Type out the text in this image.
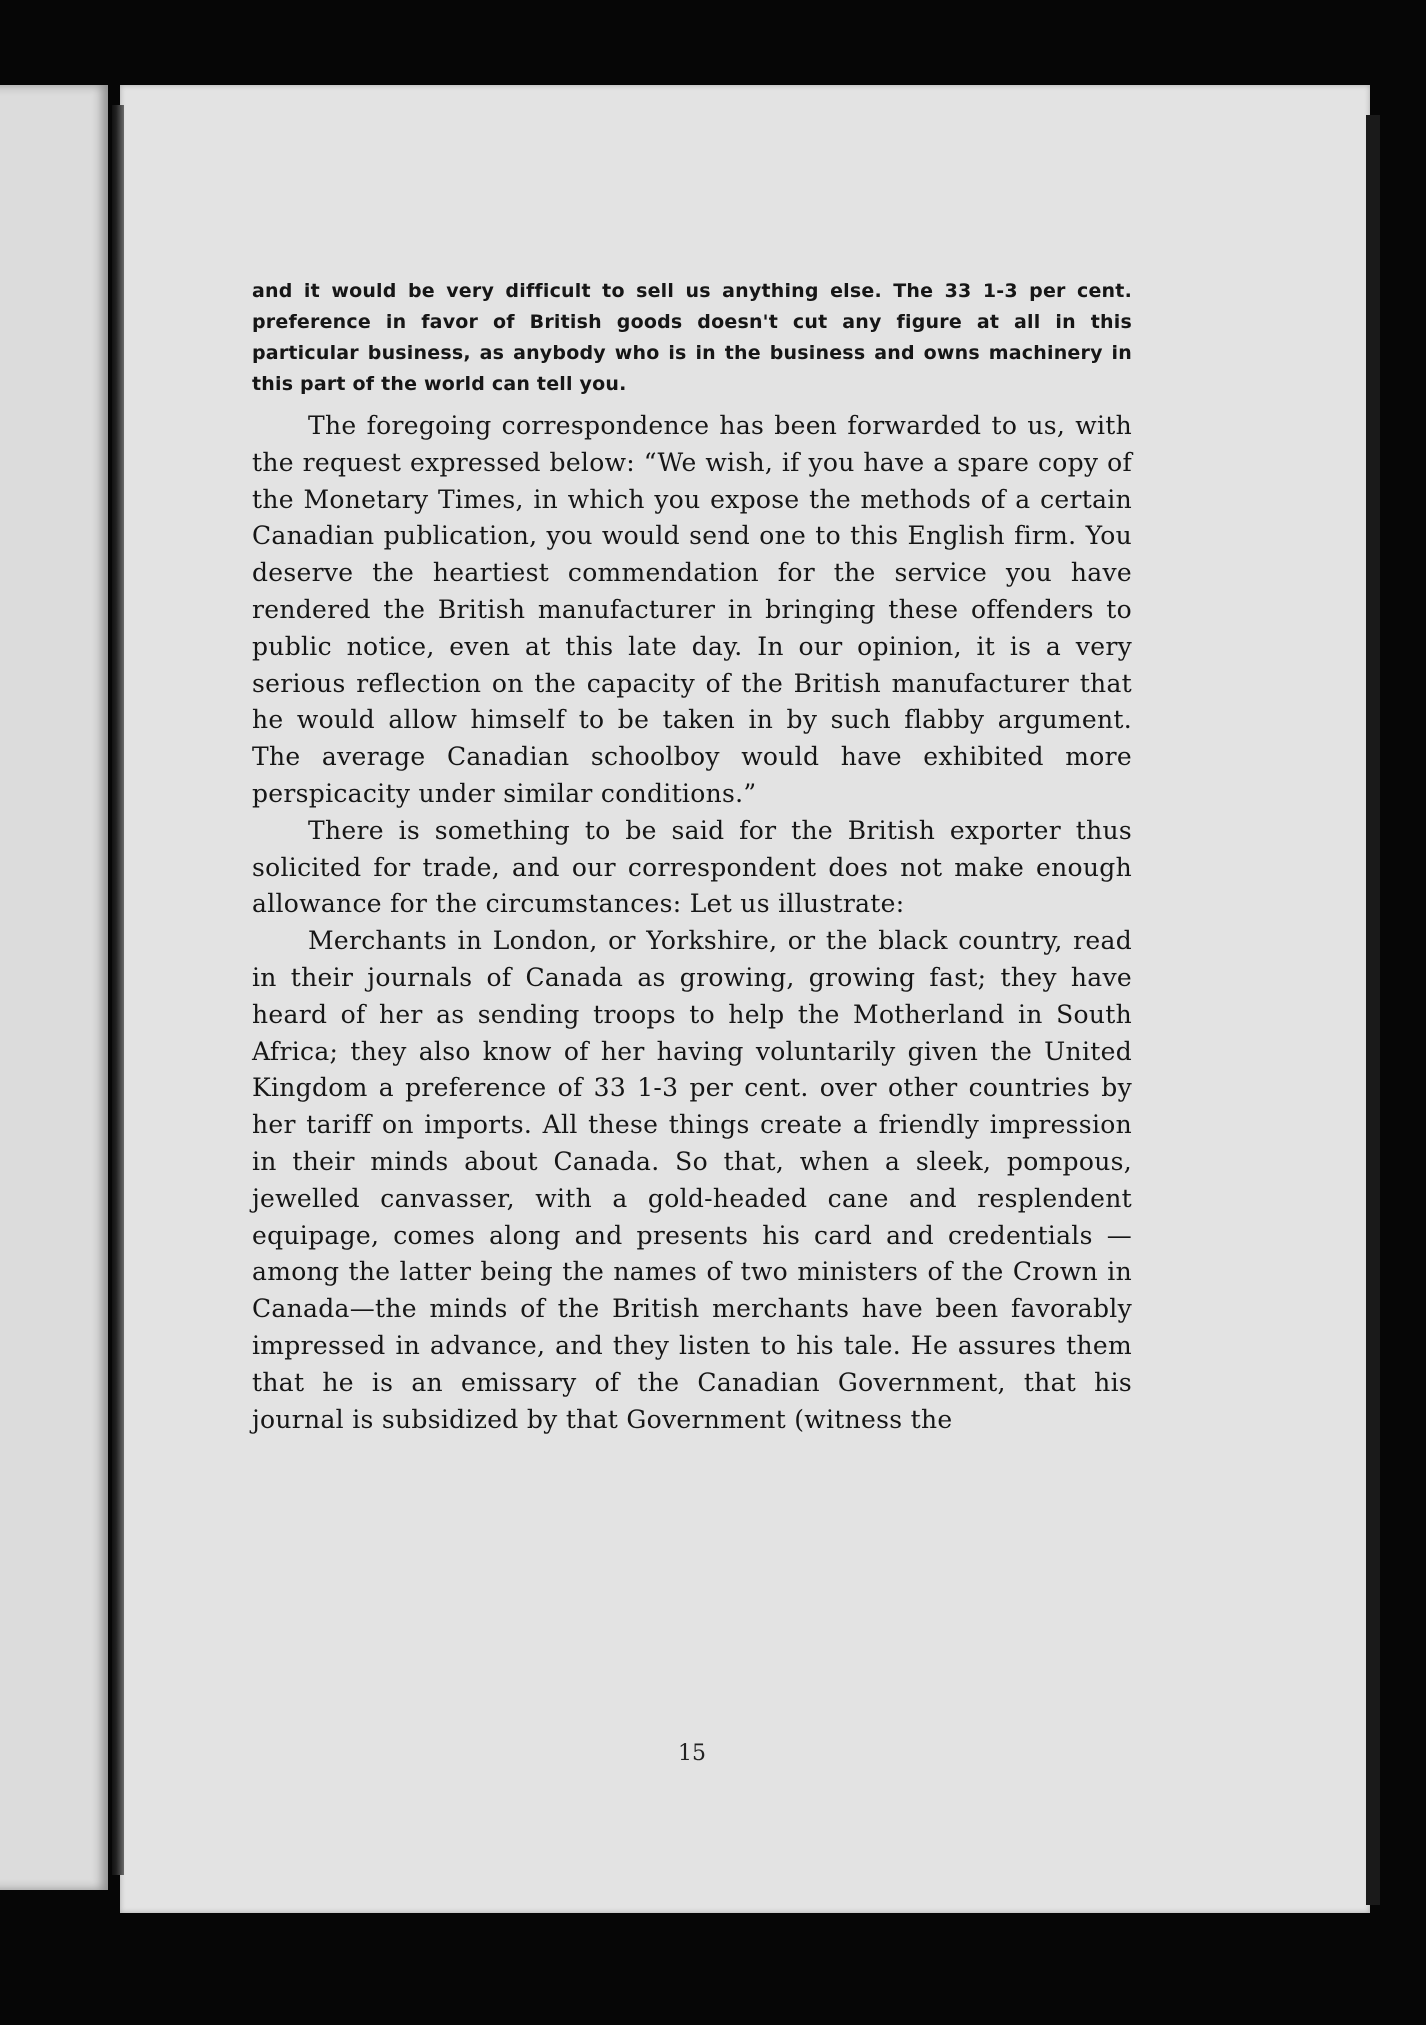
and it would be very difficult to sell us anything else. The 33 1-3 per cent. preference in favor of British goods doesn't cut any figure at all in this particular business, as anybody who is in the business and owns machinery in this part of the world can tell you.

The foregoing correspondence has been forwarded to us, with the request expressed below: “We wish, if you have a spare copy of the Monetary Times, in which you expose the methods of a certain Canadian publication, you would send one to this English firm. You deserve the heartiest commendation for the service you have rendered the British manufacturer in bringing these offenders to public notice, even at this late day. In our opinion, it is a very serious reflection on the capacity of the British manufacturer that he would allow himself to be taken in by such flabby argument. The average Canadian schoolboy would have exhibited more perspicacity under similar conditions.”

There is something to be said for the British exporter thus solicited for trade, and our correspondent does not make enough allowance for the circumstances: Let us illustrate:

Merchants in London, or Yorkshire, or the black country, read in their journals of Canada as growing, growing fast; they have heard of her as sending troops to help the Motherland in South Africa; they also know of her having voluntarily given the United Kingdom a preference of 33 1-3 per cent. over other countries by her tariff on imports. All these things create a friendly impression in their minds about Canada. So that, when a sleek, pompous, jewelled canvasser, with a gold-headed cane and resplendent equipage, comes along and presents his card and credentials —among the latter being the names of two ministers of the Crown in Canada—the minds of the British merchants have been favorably impressed in advance, and they listen to his tale. He assures them that he is an emissary of the Canadian Government, that his journal is subsidized by that Government (witness the

15
